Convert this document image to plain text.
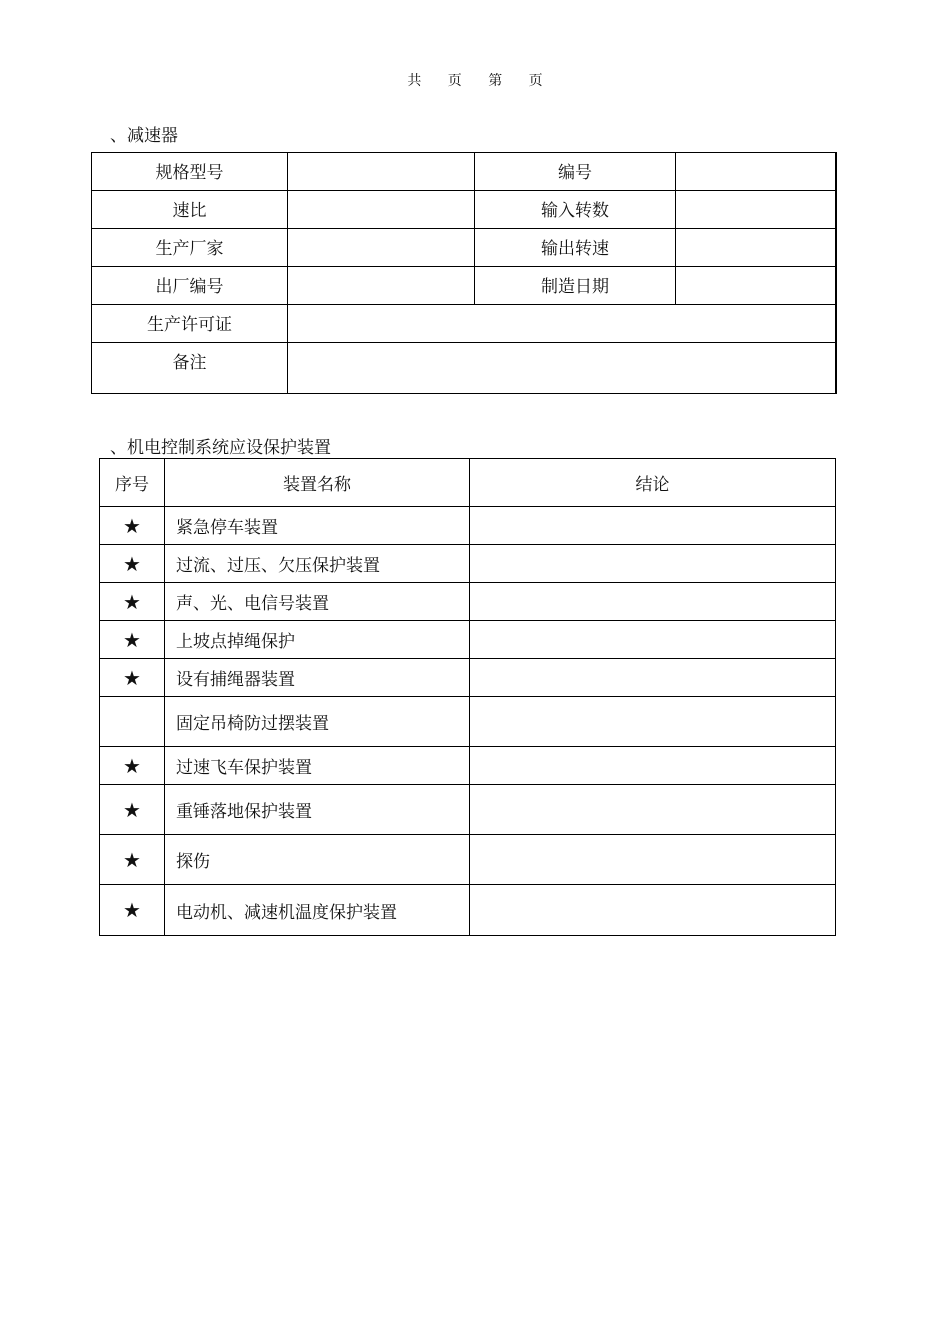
共 页 第 页
、减速器
规格型号		编号	
速比		输入转数	
生产厂家		输出转速	
出厂编号		制造日期	
生产许可证			
备注			
、机电控制系统应设保护装置
序号	装置名称	结论
★	紧急停车装置	
★	过流、过压、欠压保护装置	
★	声、光、电信号装置	
★	上坡点掉绳保护	
★	设有捕绳器装置	
	固定吊椅防过摆装置	
★	过速飞车保护装置	
★	重锤落地保护装置	
★	探伤	
★	电动机、减速机温度保护装置	
